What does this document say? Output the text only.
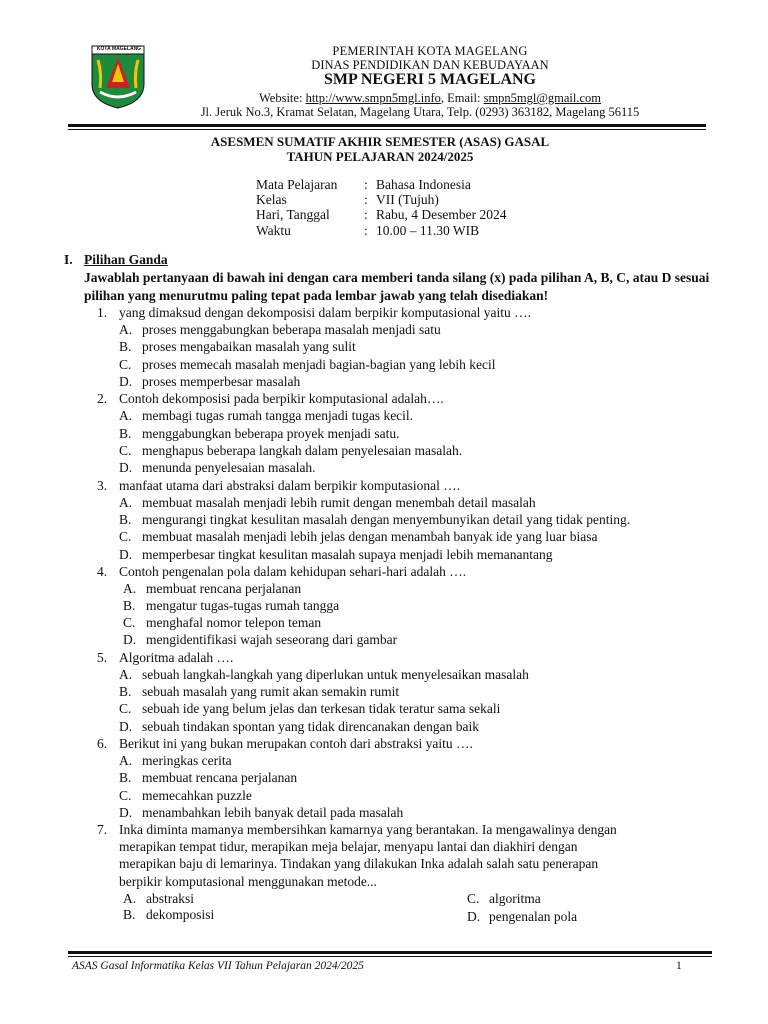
KOTA MAGELANG	PEMERINTAH KOTA MAGELANG
DINAS PENDIDIKAN DAN KEBUDAYAAN
SMP NEGERI 5 MAGELANG
Website: http://www.smpn5mgl.info, Email: smpn5mgl@gmail.com
Jl. Jeruk No.3, Kramat Selatan, Magelang Utara, Telp. (0293) 363182, Magelang 56115
ASESMEN SUMATIF AKHIR SEMESTER (ASAS) GASAL
TAHUN PELAJARAN 2024/2025
Mata Pelajaran	: Bahasa Indonesia
Kelas	: VII (Tujuh)
Hari, Tanggal	: Rabu, 4 Desember 2024
Waktu	: 10.00 – 11.30 WIB
I. Pilihan Ganda
Jawablah pertanyaan di bawah ini dengan cara memberi tanda silang (x) pada pilihan A, B, C, atau D sesuai pilihan yang menurutmu paling tepat pada lembar jawab yang telah disediakan!
1. yang dimaksud dengan dekomposisi dalam berpikir komputasional yaitu ….
A. proses menggabungkan beberapa masalah menjadi satu
B. proses mengabaikan masalah yang sulit
C. proses memecah masalah menjadi bagian-bagian yang lebih kecil
D. proses memperbesar masalah
2. Contoh dekomposisi pada berpikir komputasional adalah….
A. membagi tugas rumah tangga menjadi tugas kecil.
B. menggabungkan beberapa proyek menjadi satu.
C. menghapus beberapa langkah dalam penyelesaian masalah.
D. menunda penyelesaian masalah.
3. manfaat utama dari abstraksi dalam berpikir komputasional ….
A. membuat masalah menjadi lebih rumit dengan menembah detail masalah
B. mengurangi tingkat kesulitan masalah dengan menyembunyikan detail yang tidak penting.
C. membuat masalah menjadi lebih jelas dengan menambah banyak ide yang luar biasa
D. memperbesar tingkat kesulitan masalah supaya menjadi lebih memanantang
4. Contoh pengenalan pola dalam kehidupan sehari-hari adalah ….
A. membuat rencana perjalanan
B. mengatur tugas-tugas rumah tangga
C. menghafal nomor telepon teman
D. mengidentifikasi wajah seseorang dari gambar
5. Algoritma adalah ….
A. sebuah langkah-langkah yang diperlukan untuk menyelesaikan masalah
B. sebuah masalah yang rumit akan semakin rumit
C. sebuah ide yang belum jelas dan terkesan tidak teratur sama sekali
D. sebuah tindakan spontan yang tidak direncanakan dengan baik
6. Berikut ini yang bukan merupakan contoh dari abstraksi yaitu ….
A. meringkas cerita
B. membuat rencana perjalanan
C. memecahkan puzzle
D. menambahkan lebih banyak detail pada masalah
7. Inka diminta mamanya membersihkan kamarnya yang berantakan. Ia mengawalinya dengan
merapikan tempat tidur, merapikan meja belajar, menyapu lantai dan diakhiri dengan
merapikan baju di lemarinya. Tindakan yang dilakukan Inka adalah salah satu penerapan
berpikir komputasional menggunakan metode...
A. abstraksi
B. dekomposisi
C. algoritma
D. pengenalan pola
ASAS Gasal Informatika Kelas VII Tahun Pelajaran 2024/2025	1
